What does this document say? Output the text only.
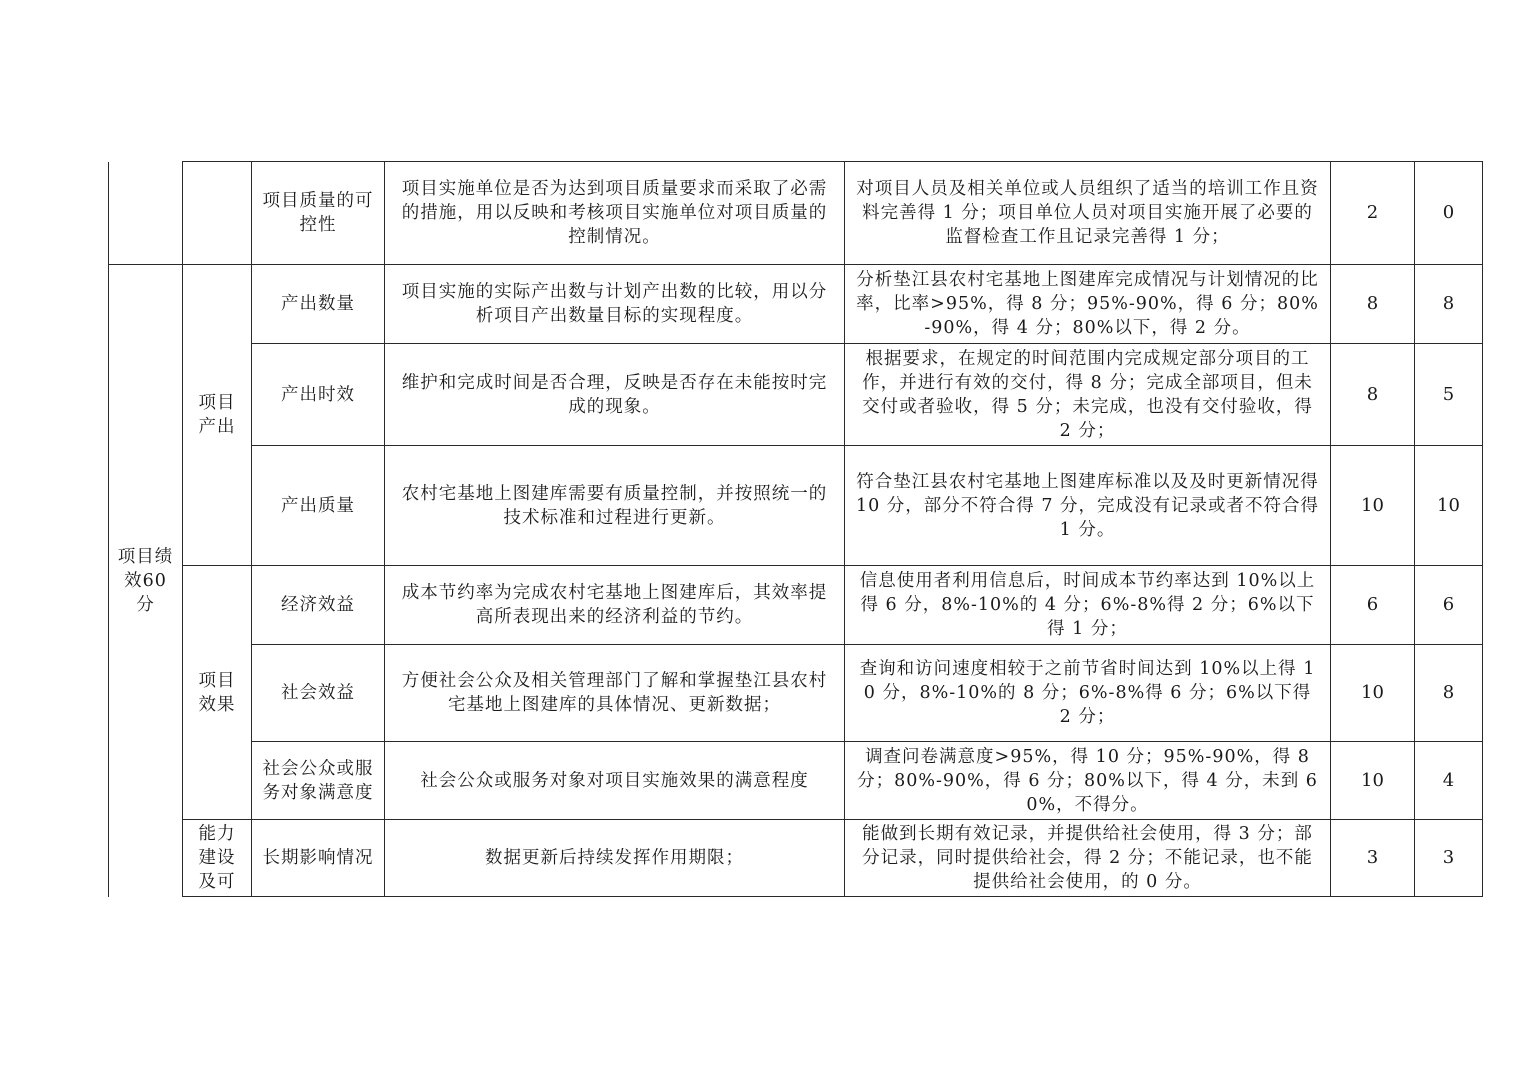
		项目质量的可控性	项目实施单位是否为达到项目质量要求而采取了必需的措施，用以反映和考核项目实施单位对项目质量的控制情况。	对项目人员及相关单位或人员组织了适当的培训工作且资料完善得 1 分；项目单位人员对项目实施开展了必要的监督检查工作且记录完善得 1 分；	2	0

项目绩效60 分	项目产出	产出数量	项目实施的实际产出数与计划产出数的比较，用以分析项目产出数量目标的实现程度。	分析垫江县农村宅基地上图建库完成情况与计划情况的比率，比率>95%，得 8 分；95%-90%，得 6 分；80%-90%，得 4 分；80%以下，得 2 分。	8	8
		产出时效	维护和完成时间是否合理，反映是否存在未能按时完成的现象。	根据要求，在规定的时间范围内完成规定部分项目的工作，并进行有效的交付，得 8 分；完成全部项目，但未交付或者验收，得 5 分；未完成，也没有交付验收，得 2 分；	8	5
		产出质量	农村宅基地上图建库需要有质量控制，并按照统一的技术标准和过程进行更新。	符合垫江县农村宅基地上图建库标准以及及时更新情况得 10 分，部分不符合得 7 分，完成没有记录或者不符合得 1 分。	10	10

	项目效果	经济效益	成本节约率为完成农村宅基地上图建库后，其效率提高所表现出来的经济利益的节约。	信息使用者利用信息后，时间成本节约率达到 10%以上得 6 分，8%-10%的 4 分；6%-8%得 2 分；6%以下得 1 分；	6	6
		社会效益	方便社会公众及相关管理部门了解和掌握垫江县农村宅基地上图建库的具体情况、更新数据；	查询和访问速度相较于之前节省时间达到 10%以上得 10 分，8%-10%的 8 分；6%-8%得 6 分；6%以下得 2 分；	10	8
		社会公众或服务对象满意度	社会公众或服务对象对项目实施效果的满意程度	调查问卷满意度>95%，得 10 分；95%-90%，得 8 分；80%-90%，得 6 分；80%以下，得 4 分，未到 60%，不得分。	10	4

	能力建设及可	长期影响情况	数据更新后持续发挥作用期限；	能做到长期有效记录，并提供给社会使用，得 3 分；部分记录，同时提供给社会，得 2 分；不能记录，也不能提供给社会使用，的 0 分。	3	3
